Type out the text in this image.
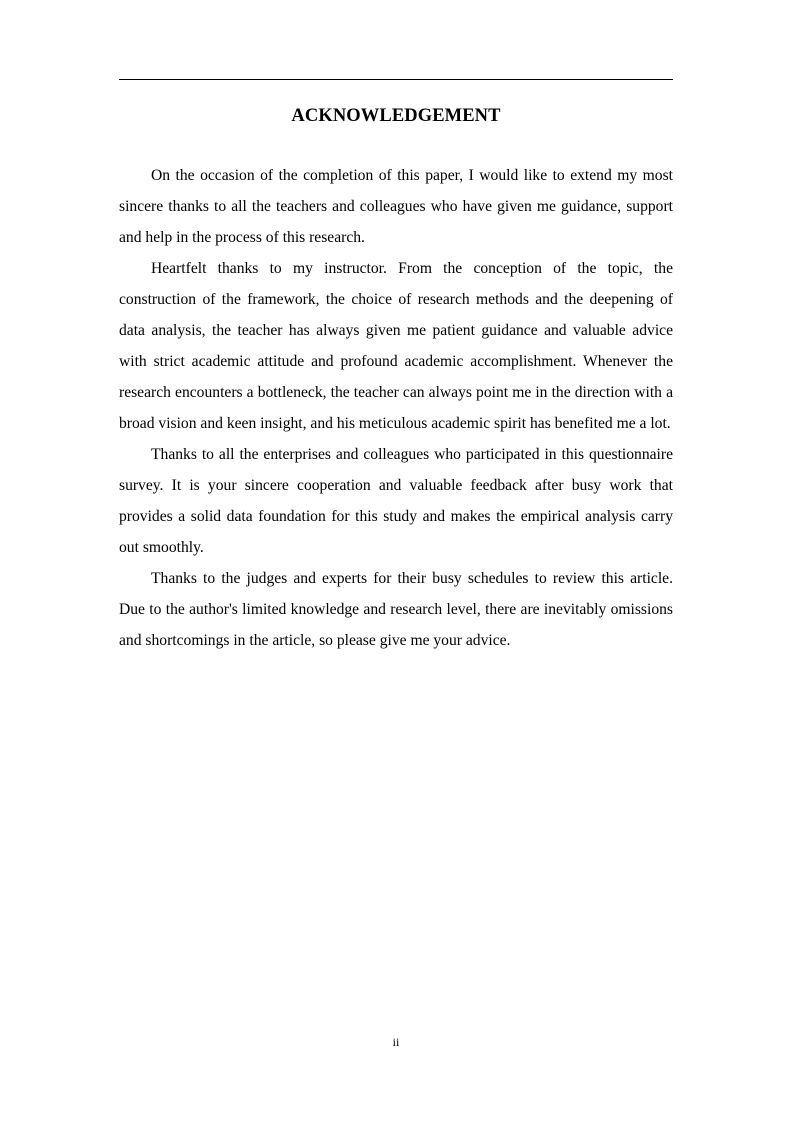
ACKNOWLEDGEMENT

On the occasion of the completion of this paper, I would like to extend my most sincere thanks to all the teachers and colleagues who have given me guidance, support and help in the process of this research.

Heartfelt thanks to my instructor. From the conception of the topic, the construction of the framework, the choice of research methods and the deepening of data analysis, the teacher has always given me patient guidance and valuable advice with strict academic attitude and profound academic accomplishment. Whenever the research encounters a bottleneck, the teacher can always point me in the direction with a broad vision and keen insight, and his meticulous academic spirit has benefited me a lot.

Thanks to all the enterprises and colleagues who participated in this questionnaire survey. It is your sincere cooperation and valuable feedback after busy work that provides a solid data foundation for this study and makes the empirical analysis carry out smoothly.

Thanks to the judges and experts for their busy schedules to review this article. Due to the author's limited knowledge and research level, there are inevitably omissions and shortcomings in the article, so please give me your advice.

ii
